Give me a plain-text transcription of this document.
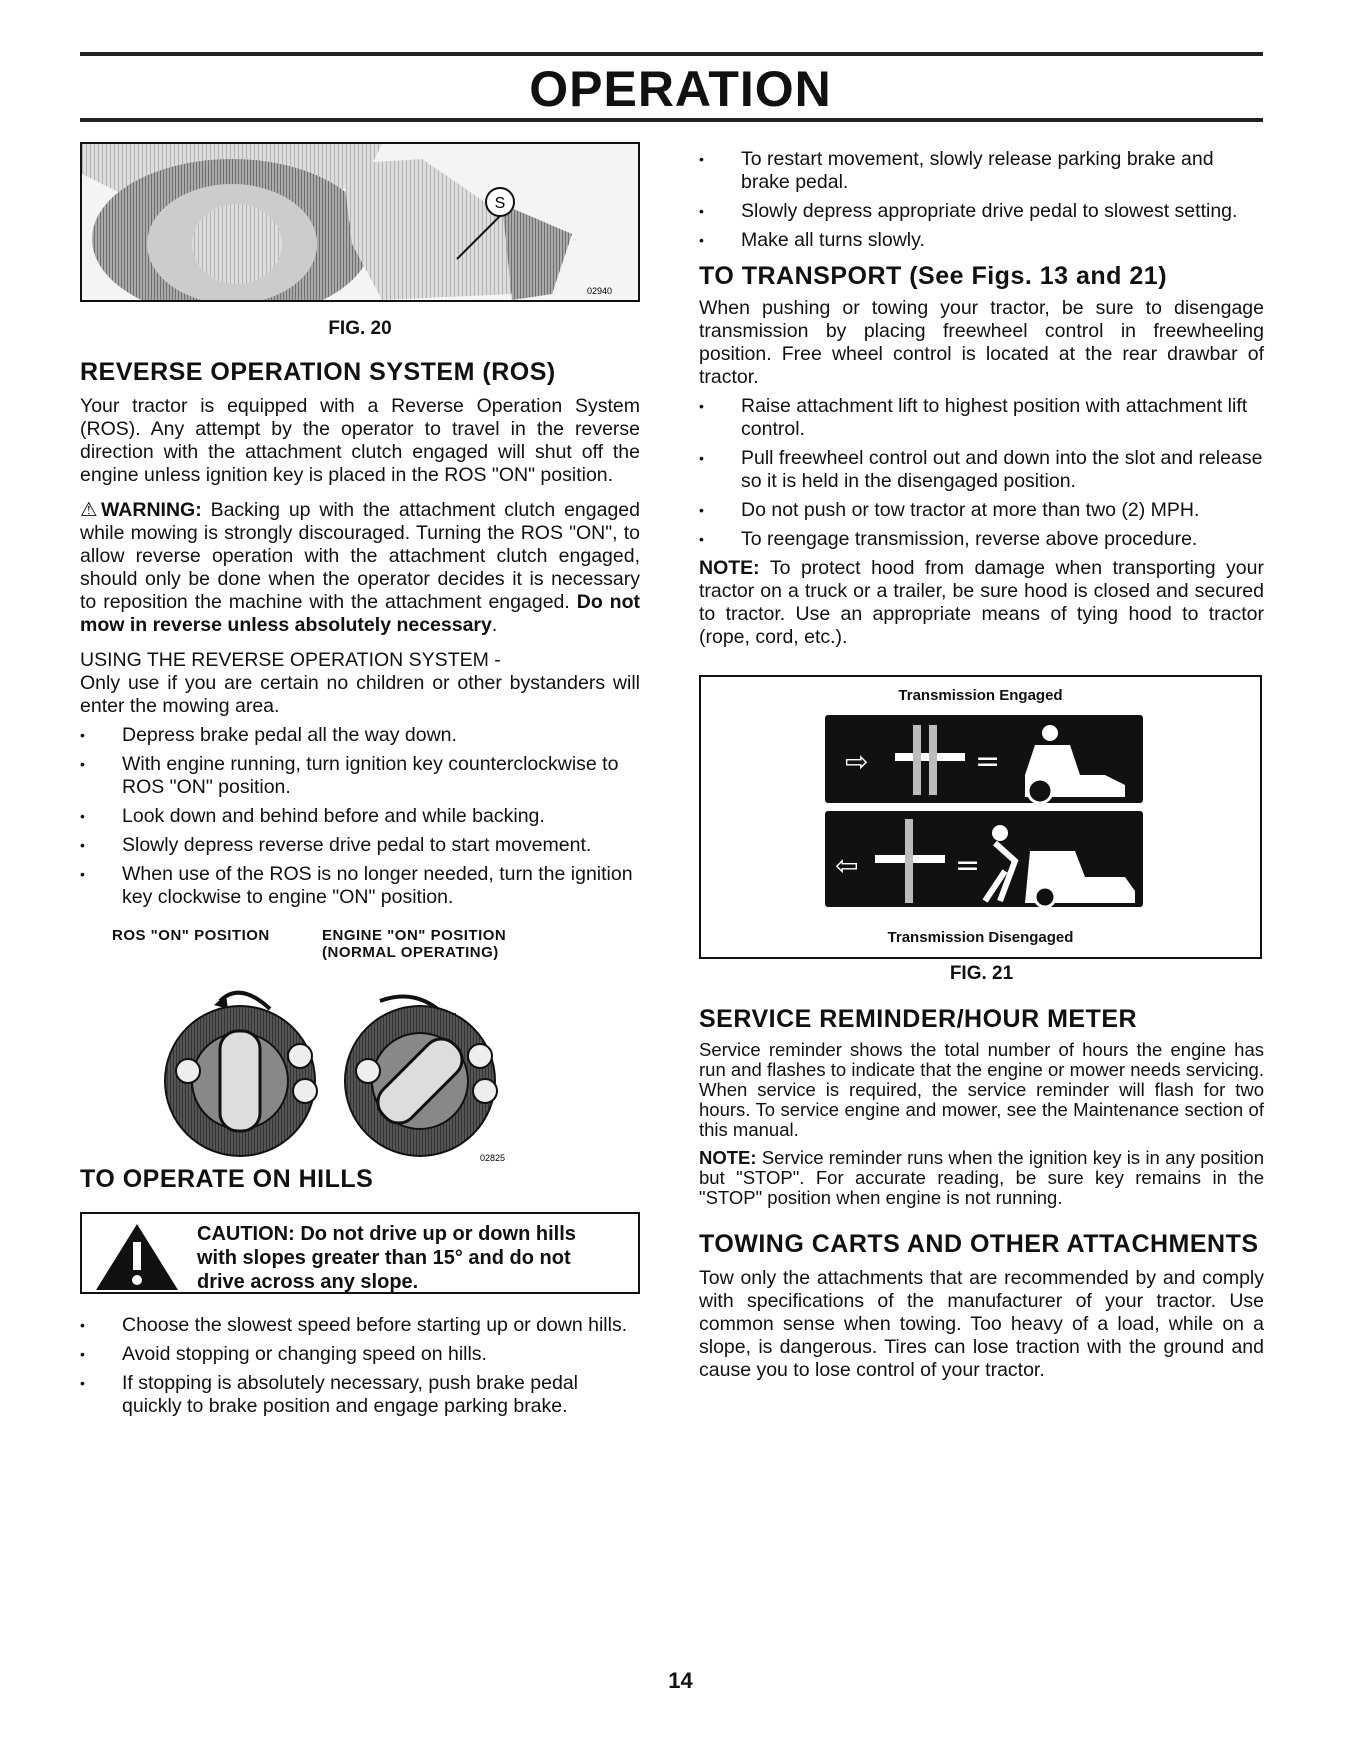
OPERATION
S
02940
FIG. 20
REVERSE OPERATION SYSTEM (ROS)

Your tractor is equipped with a Reverse Operation System (ROS). Any attempt by the operator to travel in the reverse direction with the attachment clutch engaged will shut off the engine unless ignition key is placed in the ROS "ON" position.

⚠WARNING: Backing up with the attachment clutch engaged while mowing is strongly discouraged. Turning the ROS "ON", to allow reverse operation with the attachment clutch engaged, should only be done when the operator decides it is necessary to reposition the machine with the attachment engaged. Do not mow in reverse unless absolutely necessary.

USING THE REVERSE OPERATION SYSTEM -

Only use if you are certain no children or other bystanders will enter the mowing area.

• Depress brake pedal all the way down.
• With engine running, turn ignition key counterclockwise to ROS "ON" position.
• Look down and behind before and while backing.
• Slowly depress reverse drive pedal to start movement.
• When use of the ROS is no longer needed, turn the ignition key clockwise to engine "ON" position.
ROS "ON" POSITION	ENGINE "ON" POSITION
(NORMAL OPERATING)
02825
TO OPERATE ON HILLS
CAUTION: Do not drive up or down hills with slopes greater than 15° and do not drive across any slope.
• Choose the slowest speed before starting up or down hills.
• Avoid stopping or changing speed on hills.
• If stopping is absolutely necessary, push brake pedal quickly to brake position and engage parking brake.
• To restart movement, slowly release parking brake and brake pedal.
• Slowly depress appropriate drive pedal to slowest setting.
• Make all turns slowly.
TO TRANSPORT (See Figs. 13 and 21)

When pushing or towing your tractor, be sure to disengage transmission by placing freewheel control in freewheeling position. Free wheel control is located at the rear drawbar of tractor.

• Raise attachment lift to highest position with attachment lift control.
• Pull freewheel control out and down into the slot and release so it is held in the disengaged position.
• Do not push or tow tractor at more than two (2) MPH.
• To reengage transmission, reverse above procedure.

NOTE: To protect hood from damage when transporting your tractor on a truck or a trailer, be sure hood is closed and secured to tractor. Use an appropriate means of tying hood to tractor (rope, cord, etc.).

Transmission Engaged
⇨	=
⇦	=
Transmission Disengaged
FIG. 21
SERVICE REMINDER/HOUR METER

Service reminder shows the total number of hours the engine has run and flashes to indicate that the engine or mower needs servicing. When service is required, the service reminder will flash for two hours. To service engine and mower, see the Maintenance section of this manual.

NOTE: Service reminder runs when the ignition key is in any position but "STOP". For accurate reading, be sure key remains in the "STOP" position when engine is not running.

TOWING CARTS AND OTHER ATTACHMENTS

Tow only the attachments that are recommended by and comply with specifications of the manufacturer of your tractor. Use common sense when towing. Too heavy of a load, while on a slope, is dangerous. Tires can lose traction with the ground and cause you to lose control of your tractor.

14
